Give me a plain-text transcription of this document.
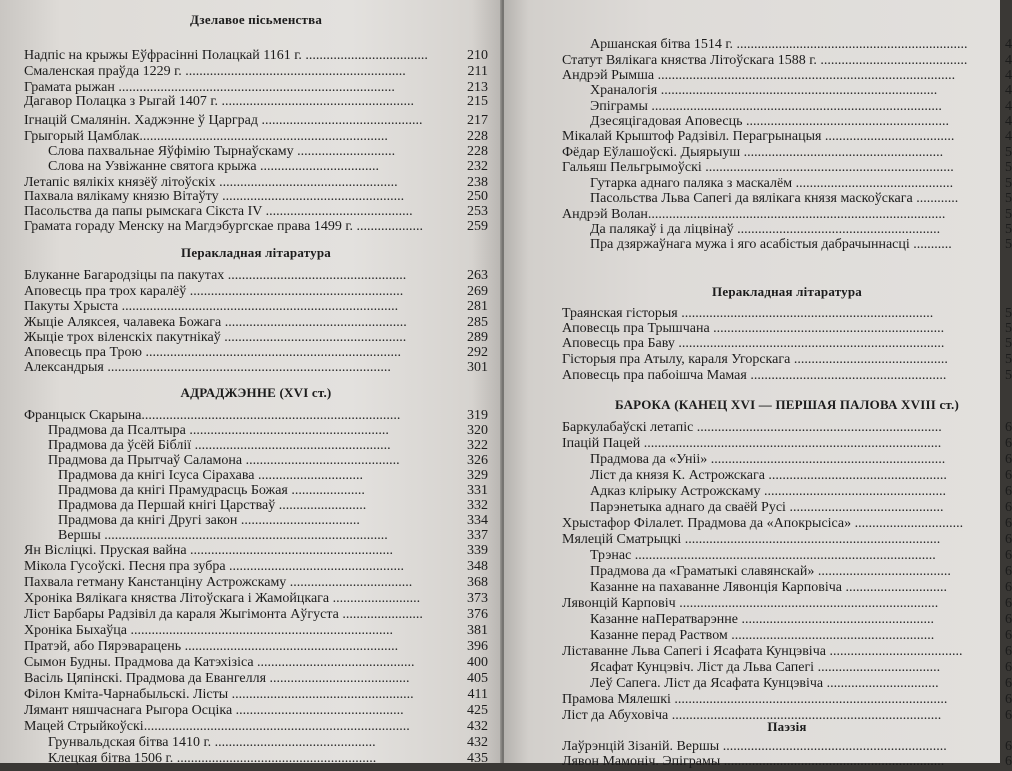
Дзелавое пісьменства
Надпіс на крыжы Еўфрасінні Полацкай 1161 г. ...................................	210
Смаленская праўда 1229 г. ...............................................................	211
Грамата рыжан ...............................................................................	213
Дагавор Полацка з Рыгай 1407 г. .......................................................	215
Ігнацій Смалянін. Хаджэнне ў Царград ..............................................	217
Грыгорый Цамблак.......................................................................	228
Слова пахвальнае Яўфімію Тырнаўскаму ............................	228
Слова на Узвіжанне святога крыжа ..................................	232
Летапіс вялікіх князёў літоўскіх ...................................................	238
Пахвала вялікаму князю Вітаўту ....................................................	250
Пасольства да папы рымскага Сікста IV ..........................................	253
Грамата гораду Менску на Магдэбургскае права 1499 г. ...................	259
Перакладная літаратура
Блуканне Багародзіцы па пакутах ...................................................	263
Аповесць пра трох каралёў .............................................................	269
Пакуты Хрыста ...............................................................................	281
Жыціе Аляксея, чалавека Божага ....................................................	285
Жыціе трох віленскіх пакутнікаў ....................................................	289
Аповесць пра Трою .........................................................................	292
Александрыя .................................................................................	301
АДРАДЖЭННЕ (XVI ст.)
Францыск Скарына..........................................................................	319
Прадмова да Псалтыра .........................................................	320
Прадмова да ўсёй Біблії ........................................................	322
Прадмова да Прытчаў Саламона ............................................	326
Прадмова да кнігі Ісуса Сірахава ..............................	329
Прадмова да кнігі Прамудрасць Божая .....................	331
Прадмова да Першай кнігі Царстваў .........................	332
Прадмова да кнігі Другі закон ..................................	334
Вершы .................................................................................	337
Ян Вісліцкі. Пруская вайна ..........................................................	339
Мікола Гусоўскі. Песня пра зубра ..................................................	348
Пахвала гетману Канстанціну Астрожскаму ...................................	368
Хроніка Вялікага княства Літоўскага і Жамойцкага .........................	373
Ліст Барбары Радзівіл да караля Жыгімонта Аўгуста .......................	376
Хроніка Быхаўца ...........................................................................	381
Пратэй, або Пярэварацень .............................................................	396
Сымон Будны. Прадмова да Катэхізіса .............................................	400
Васіль Цяпінскі. Прадмова да Евангелля ........................................	405
Філон Кміта-Чарнабыльскі. Лісты ....................................................	411
Лямант няшчаснага Рыгора Осціка ................................................	425
Мацей Стрыйкоўскі............................................................................	432
Грунвальдская бітва 1410 г. ..............................................	432
Клецкая бітва 1506 г. .........................................................	435
Аршанская бітва 1514 г. ..................................................................	4
Статут Вялікага княства Літоўскага 1588 г. ..........................................	4
Андрэй Рымша .....................................................................................	4
Храналогія ...............................................................................	4
Эпіграмы ...................................................................................	4
Дзесяцігадовая Аповесць ..........................................................	4
Мікалай Крыштоф Радзівіл. Перагрынацыя .....................................	4
Фёдар Еўлашоўскі. Дыярыуш .........................................................	5
Гальяш Пельгрымоўскі .......................................................................	5
Гутарка аднаго паляка з маскалём .............................................	5
Пасольства Льва Сапегі да вялікага князя маскоўскага ............	5
Андрэй Волан.....................................................................................	5
Да палякаў і да ліцвінаў ..........................................................	5
Пра дзяржаўнага мужа і яго асабістыя дабрачыннасці ...........	5
Перакладная літаратура
Траянская гісторыя ........................................................................	5
Аповесць пра Трышчана ..................................................................	5
Аповесць пра Баву ............................................................................	5
Гісторыя пра Атылу, караля Угорскага ............................................	5
Аповесць пра пабоішча Мамая ........................................................	5
БАРОКА (КАНЕЦ XVI — ПЕРШАЯ ПАЛОВА XVIII ст.)
Баркулабаўскі летапіс ......................................................................	6
Іпацій Пацей .....................................................................................	6
Прадмова да «Уніі» ...................................................................	6
Ліст да князя К. Астрожскага ...................................................	6
Адказ клірыку Астрожскаму ....................................................	6
Парэнетыка аднаго да сваёй Русі ............................................	6
Хрыстафор Філалет. Прадмова да «Апокрысіса» ...............................	6
Мялецій Сматрыцкі .........................................................................	6
Трэнас ......................................................................................	6
Прадмова да «Граматыкі славянскай» ......................................	6
Казанне на пахаванне Лявонція Карповіча .............................	6
Лявонцій Карповіч ..........................................................................	6
Казанне наПератварэнне .......................................................	6
Казанне перад Раством ..........................................................	6
Ліставанне Льва Сапегі і Ясафата Кунцэвіча ......................................	6
Ясафат Кунцэвіч. Ліст да Льва Сапегі ...................................	6
Леў Сапега. Ліст да Ясафата Кунцэвіча ................................	6
Прамова Мялешкі ..............................................................................	6
Ліст да Абуховіча .............................................................................	6
Паэзія
Лаўрэнцій Зізаній. Вершы ................................................................	6
Лявон Мамоніч. Эпіграмы ...............................................................	6
